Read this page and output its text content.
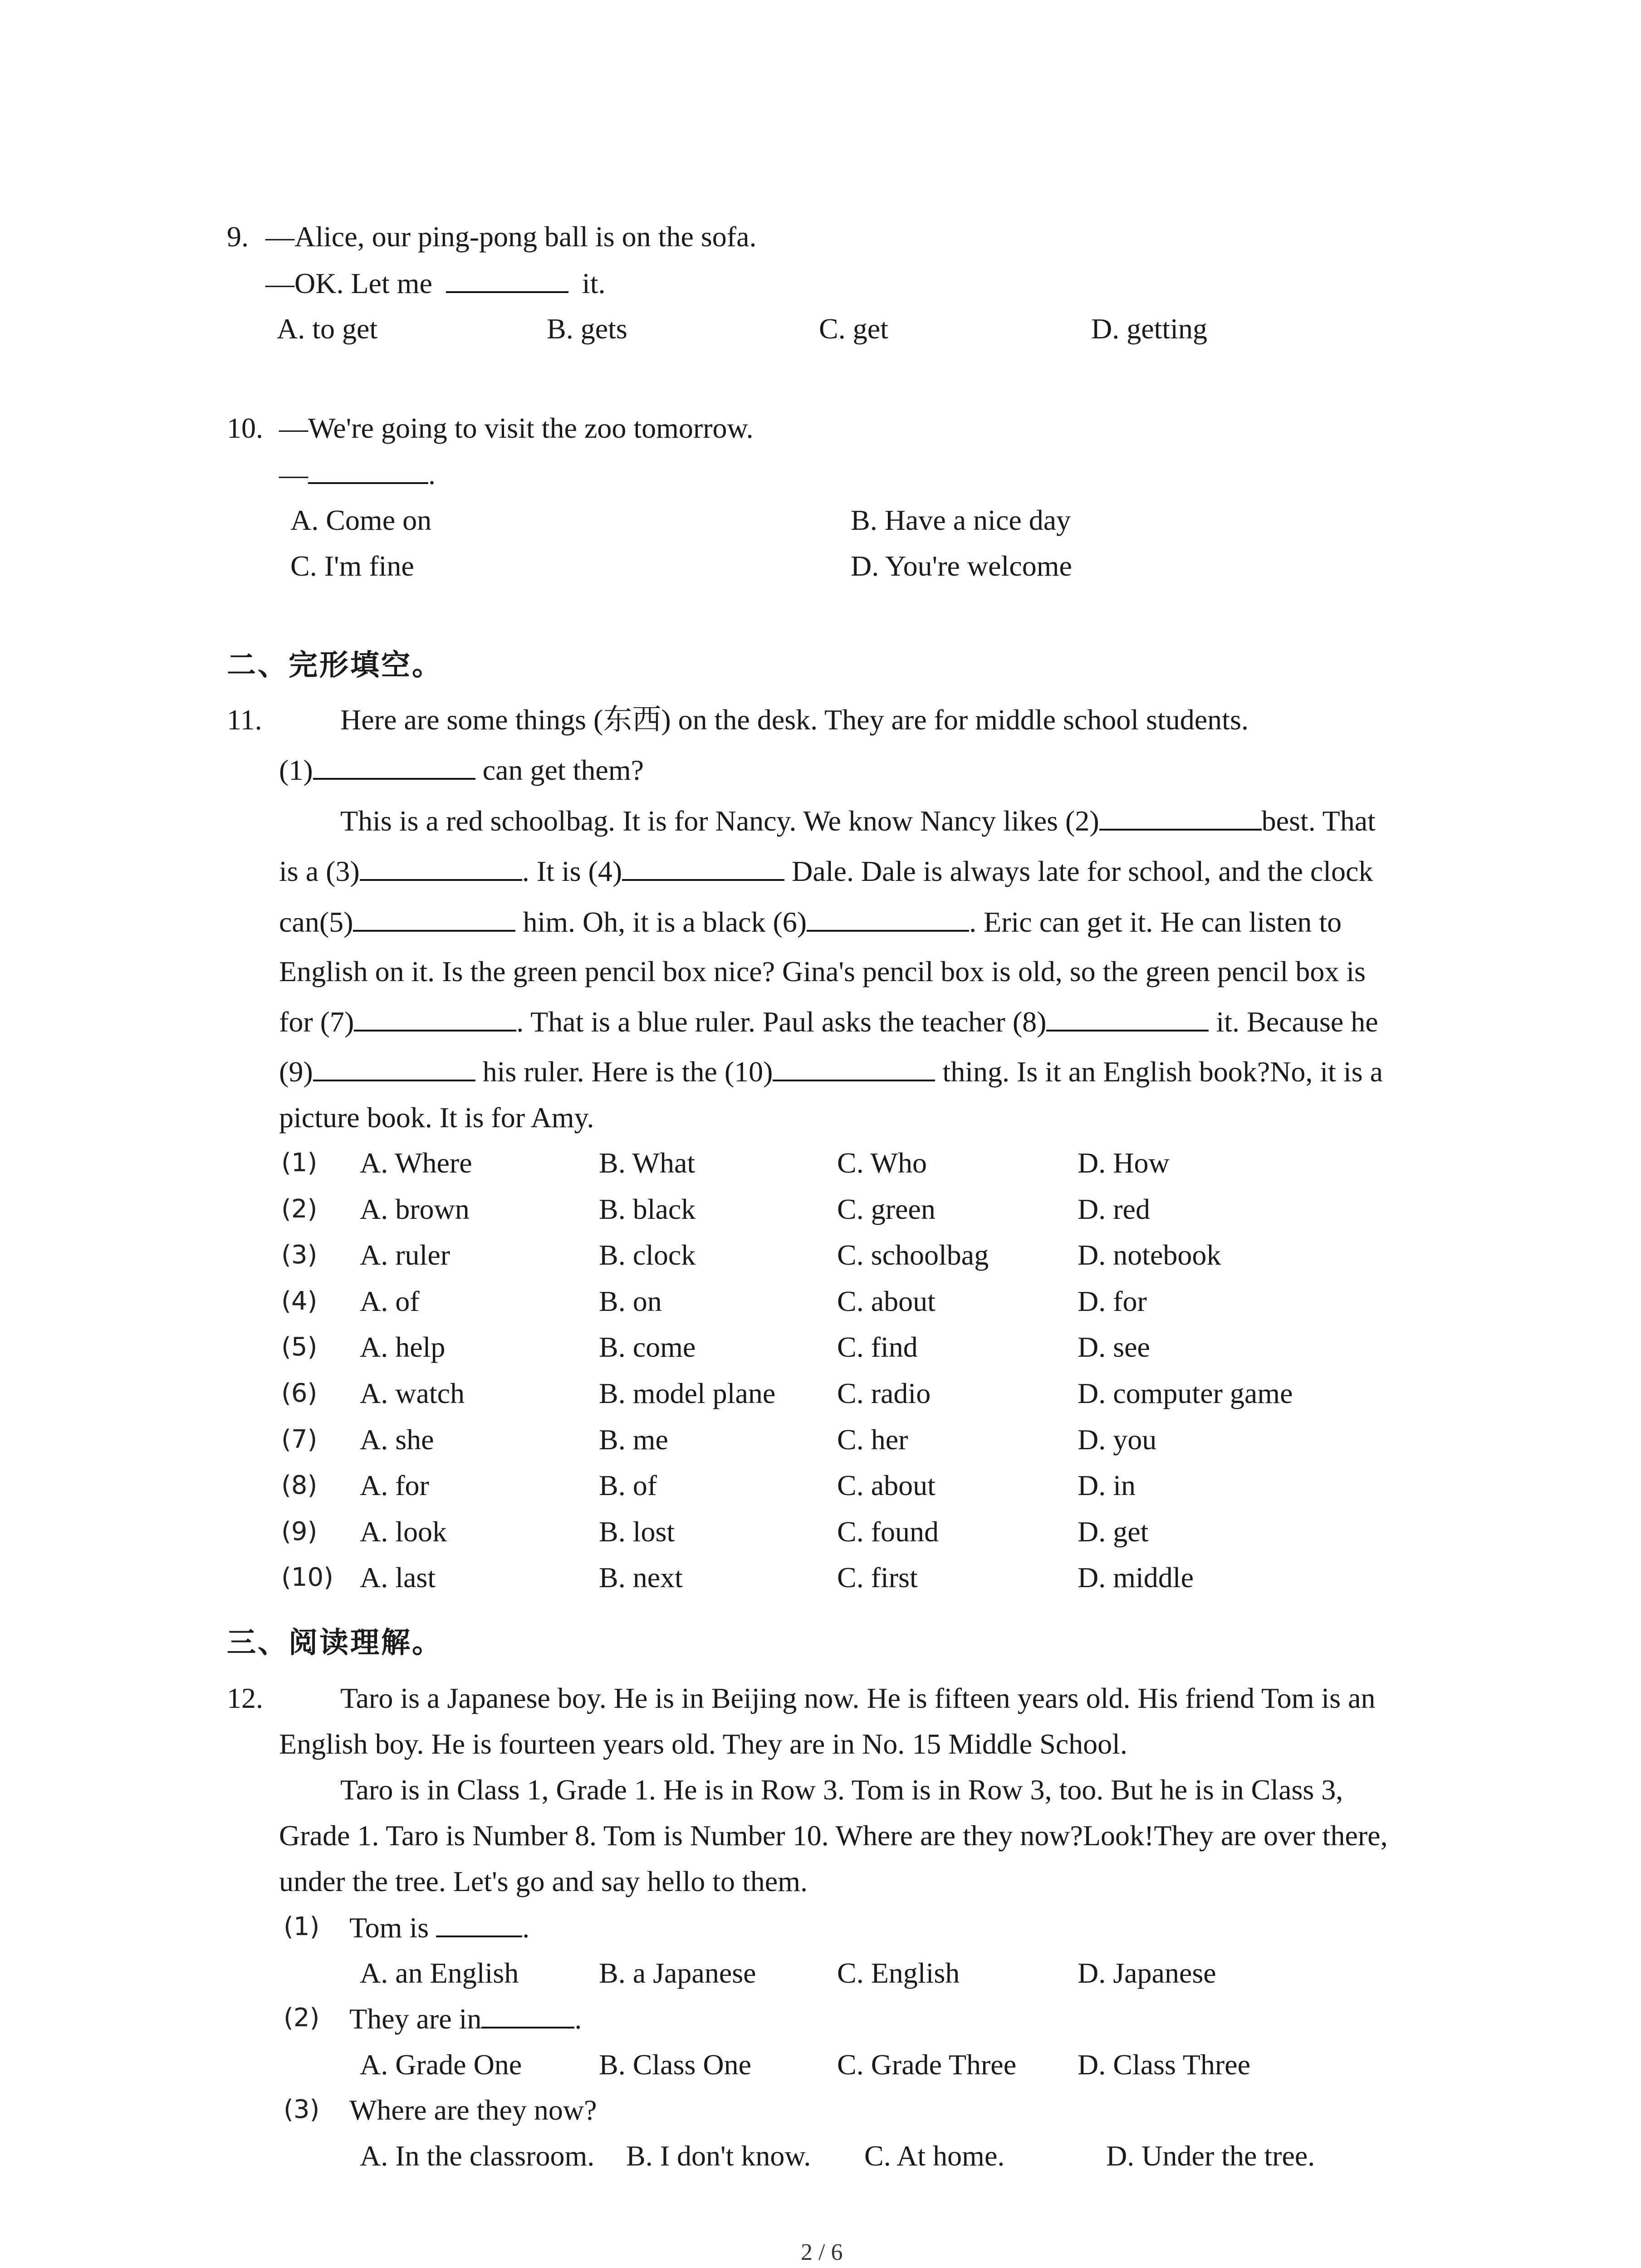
9. —Alice, our ping-pong ball is on the sofa.
—OK. Let me	it.
A. to get	B. gets	C. get	D. getting
10. —We're going to visit the zoo tomorrow.
—	.
A. Come on	B. Have a nice day
C. I'm fine	D. You're welcome
二、完形填空。
11.	Here are some things (东西) on the desk. They are for middle school students.
(1)	can get them?
This is a red schoolbag. It is for Nancy. We know Nancy likes (2)	best. That
is a (3)	. It is (4)	Dale. Dale is always late for school, and the clock
can(5)	him. Oh, it is a black (6)	. Eric can get it. He can listen to
English on it. Is the green pencil box nice? Gina's pencil box is old, so the green pencil box is
for (7)	. That is a blue ruler. Paul asks the teacher (8)	it. Because he
(9)	his ruler. Here is the (10)	thing. Is it an English book?No, it is a
picture book. It is for Amy.
(1) A. Where	B. What	C. Who	D. How
(2) A. brown	B. black	C. green	D. red
(3) A. ruler	B. clock	C. schoolbag	D. notebook
(4) A. of	B. on	C. about	D. for
(5) A. help	B. come	C. find	D. see
(6) A. watch	B. model plane C. radio	D. computer game
(7) A. she	B. me	C. her	D. you
(8) A. for	B. of	C. about	D. in
(9) A. look	B. lost	C. found	D. get
(10) A. last	B. next	C. first	D. middle
三、阅读理解。
12.	Taro is a Japanese boy. He is in Beijing now. He is fifteen years old. His friend Tom is an
English boy. He is fourteen years old. They are in No. 15 Middle School.
Taro is in Class 1, Grade 1. He is in Row 3. Tom is in Row 3, too. But he is in Class 3,
Grade 1. Taro is Number 8. Tom is Number 10. Where are they now?Look!They are over there,
under the tree. Let's go and say hello to them.
(1) Tom is	.
A. an English	B. a Japanese	C. English	D. Japanese
(2) They are in	.
A. Grade One	B. Class One	C. Grade Three D. Class Three
(3) Where are they now?
A. In the classroom. B. I don't know. C. At home.	D. Under the tree.
2 / 6
